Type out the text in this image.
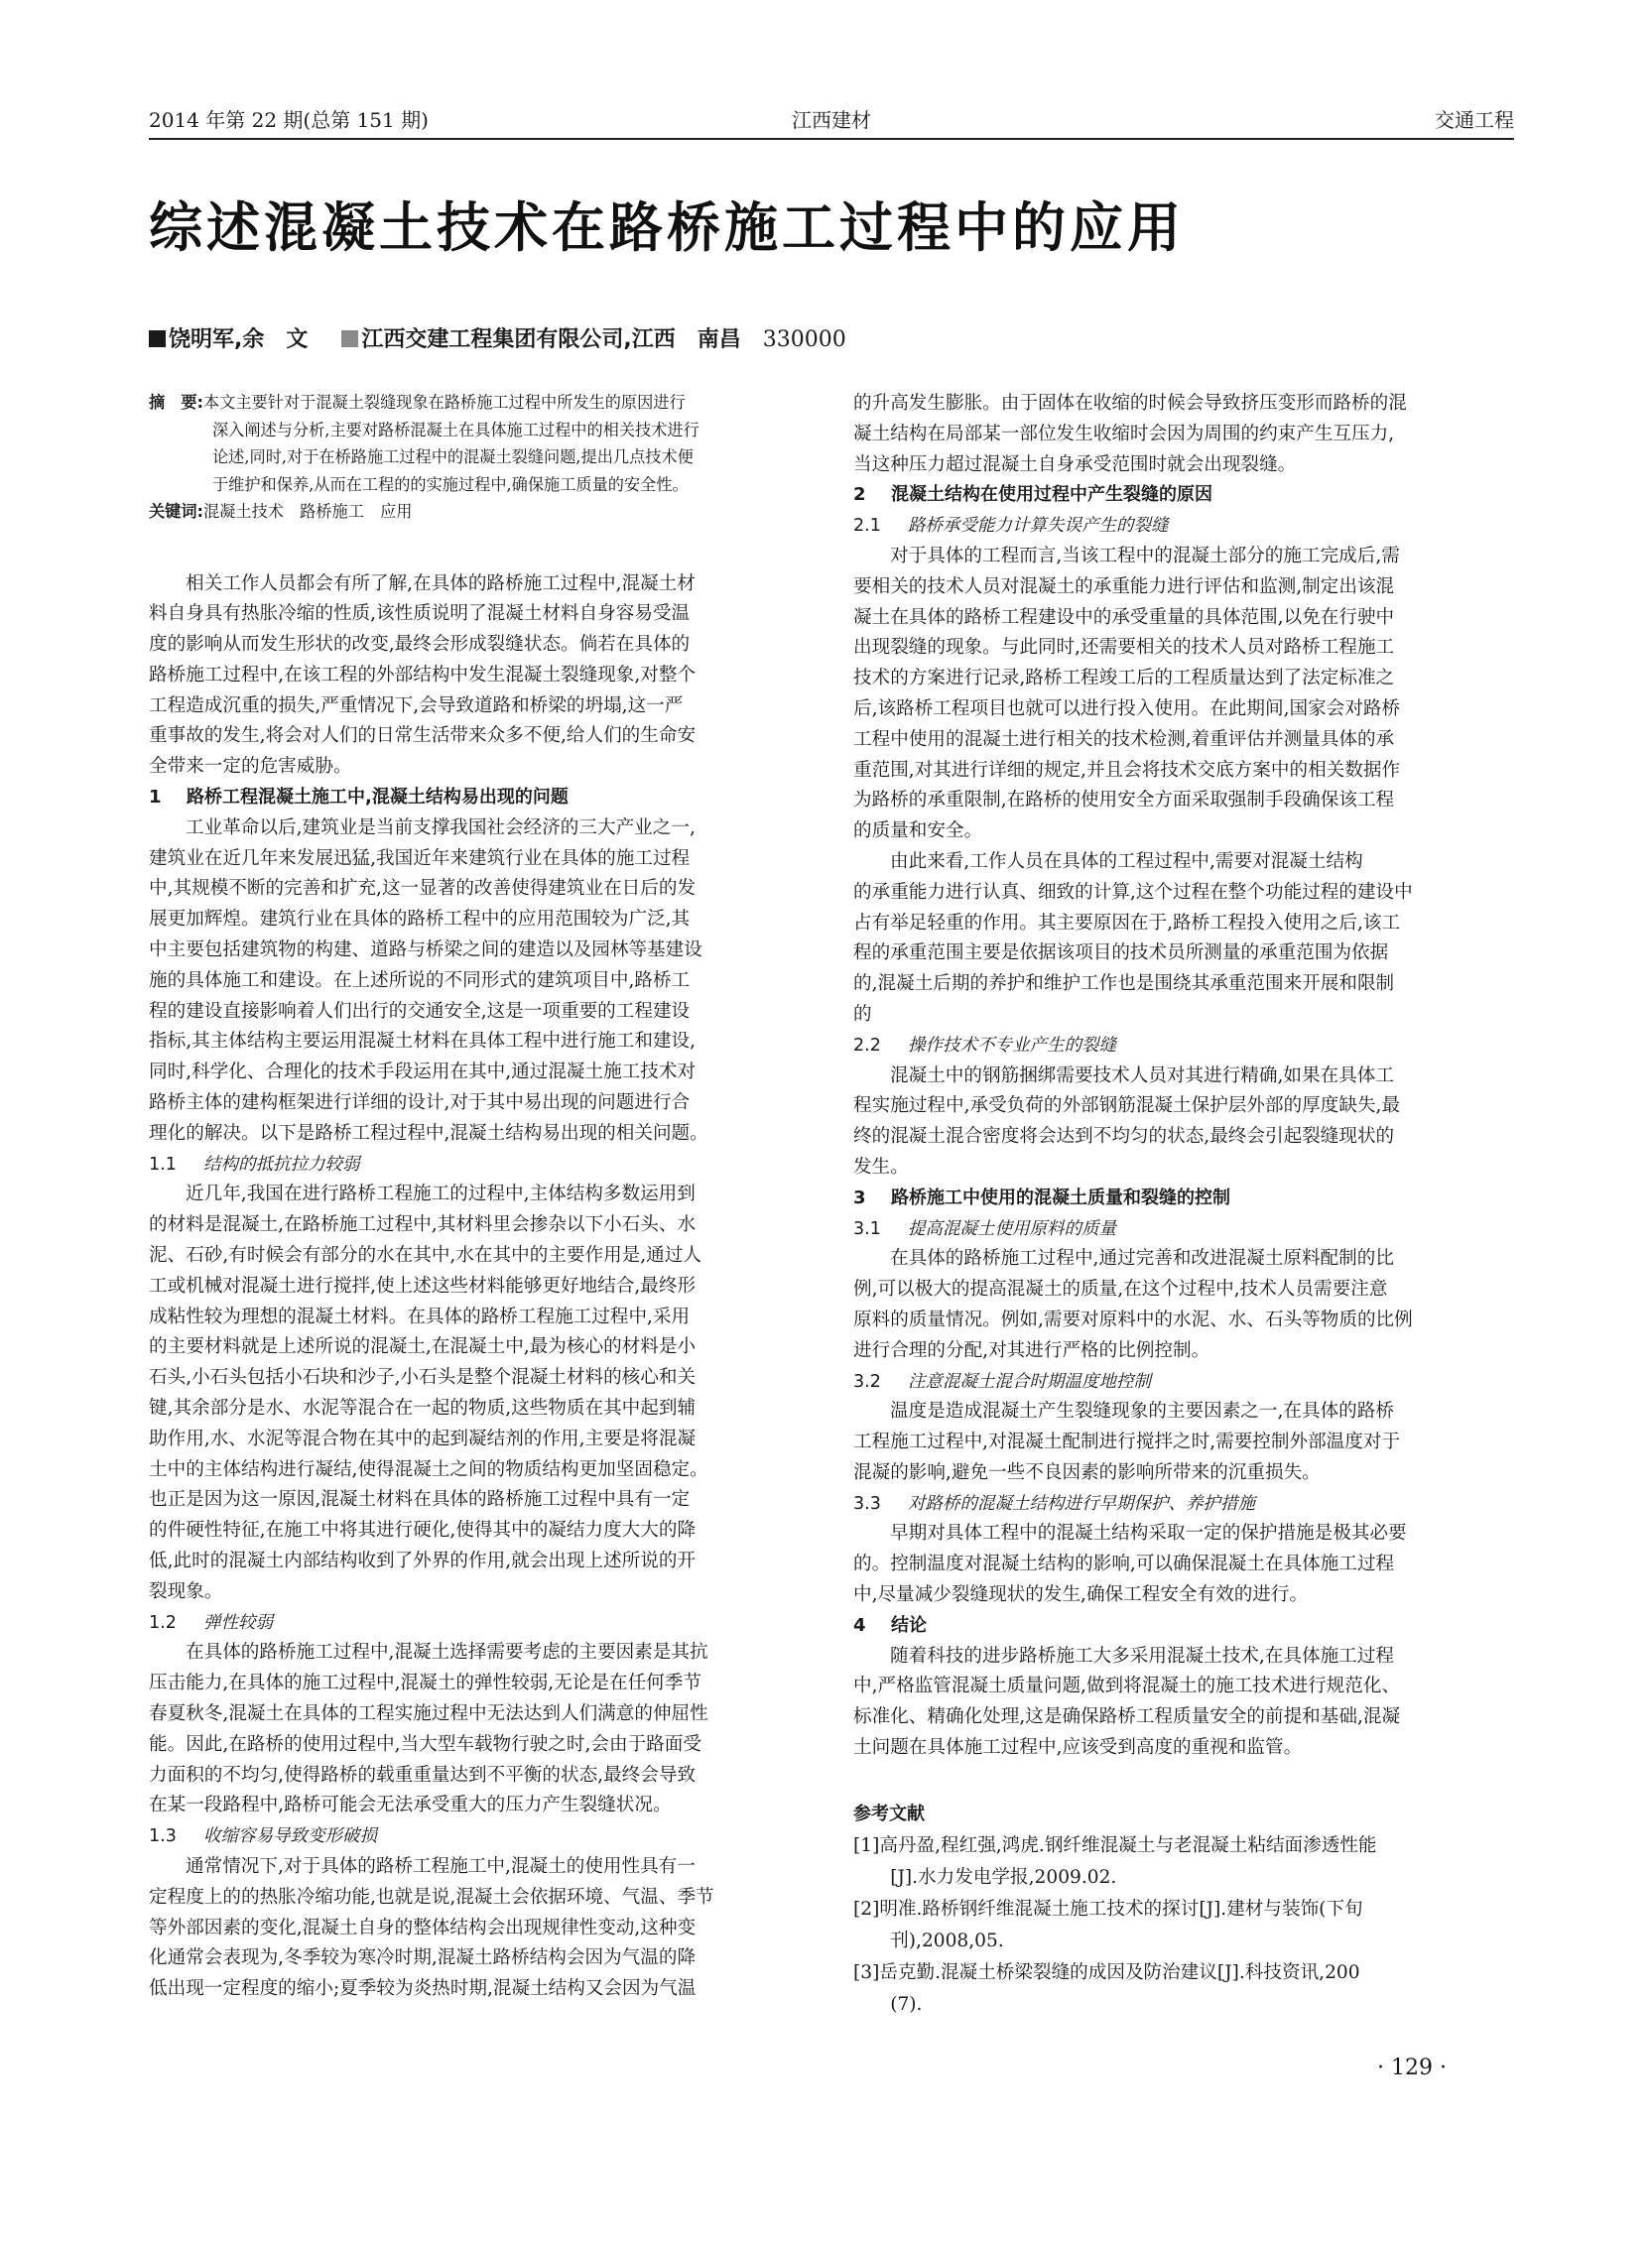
2014 年第 22 期(总第 151 期)	江西建材	交通工程
综述混凝土技术在路桥施工过程中的应用
饶明军,余　文 江西交建工程集团有限公司,江西　南昌 330000
摘　要:本文主要针对于混凝土裂缝现象在路桥施工过程中所发生的原因进行
深入阐述与分析,主要对路桥混凝土在具体施工过程中的相关技术进行
论述,同时,对于在桥路施工过程中的混凝土裂缝问题,提出几点技术便
于维护和保养,从而在工程的的实施过程中,确保施工质量的安全性。
关键词:混凝土技术　路桥施工　应用
相关工作人员都会有所了解,在具体的路桥施工过程中,混凝土材
料自身具有热胀冷缩的性质,该性质说明了混凝土材料自身容易受温
度的影响从而发生形状的改变,最终会形成裂缝状态。倘若在具体的
路桥施工过程中,在该工程的外部结构中发生混凝土裂缝现象,对整个
工程造成沉重的损失,严重情况下,会导致道路和桥梁的坍塌,这一严
重事故的发生,将会对人们的日常生活带来众多不便,给人们的生命安
全带来一定的危害威胁。
1 路桥工程混凝土施工中,混凝土结构易出现的问题
工业革命以后,建筑业是当前支撑我国社会经济的三大产业之一,
建筑业在近几年来发展迅猛,我国近年来建筑行业在具体的施工过程
中,其规模不断的完善和扩充,这一显著的改善使得建筑业在日后的发
展更加辉煌。建筑行业在具体的路桥工程中的应用范围较为广泛,其
中主要包括建筑物的构建、道路与桥梁之间的建造以及园林等基建设
施的具体施工和建设。在上述所说的不同形式的建筑项目中,路桥工
程的建设直接影响着人们出行的交通安全,这是一项重要的工程建设
指标,其主体结构主要运用混凝土材料在具体工程中进行施工和建设,
同时,科学化、合理化的技术手段运用在其中,通过混凝土施工技术对
路桥主体的建构框架进行详细的设计,对于其中易出现的问题进行合
理化的解决。以下是路桥工程过程中,混凝土结构易出现的相关问题。
1.1 结构的抵抗拉力较弱
近几年,我国在进行路桥工程施工的过程中,主体结构多数运用到
的材料是混凝土,在路桥施工过程中,其材料里会掺杂以下小石头、水
泥、石砂,有时候会有部分的水在其中,水在其中的主要作用是,通过人
工或机械对混凝土进行搅拌,使上述这些材料能够更好地结合,最终形
成粘性较为理想的混凝土材料。在具体的路桥工程施工过程中,采用
的主要材料就是上述所说的混凝土,在混凝土中,最为核心的材料是小
石头,小石头包括小石块和沙子,小石头是整个混凝土材料的核心和关
键,其余部分是水、水泥等混合在一起的物质,这些物质在其中起到辅
助作用,水、水泥等混合物在其中的起到凝结剂的作用,主要是将混凝
土中的主体结构进行凝结,使得混凝土之间的物质结构更加坚固稳定。
也正是因为这一原因,混凝土材料在具体的路桥施工过程中具有一定
的件硬性特征,在施工中将其进行硬化,使得其中的凝结力度大大的降
低,此时的混凝土内部结构收到了外界的作用,就会出现上述所说的开
裂现象。
1.2 弹性较弱
在具体的路桥施工过程中,混凝土选择需要考虑的主要因素是其抗
压击能力,在具体的施工过程中,混凝土的弹性较弱,无论是在任何季节
春夏秋冬,混凝土在具体的工程实施过程中无法达到人们满意的伸屈性
能。因此,在路桥的使用过程中,当大型车载物行驶之时,会由于路面受
力面积的不均匀,使得路桥的载重重量达到不平衡的状态,最终会导致
在某一段路程中,路桥可能会无法承受重大的压力产生裂缝状况。
1.3 收缩容易导致变形破损
通常情况下,对于具体的路桥工程施工中,混凝土的使用性具有一
定程度上的的热胀冷缩功能,也就是说,混凝土会依据环境、气温、季节
等外部因素的变化,混凝土自身的整体结构会出现规律性变动,这种变
化通常会表现为,冬季较为寒冷时期,混凝土路桥结构会因为气温的降
低出现一定程度的缩小;夏季较为炎热时期,混凝土结构又会因为气温
的升高发生膨胀。由于固体在收缩的时候会导致挤压变形而路桥的混
凝土结构在局部某一部位发生收缩时会因为周围的约束产生互压力,
当这种压力超过混凝土自身承受范围时就会出现裂缝。
2 混凝土结构在使用过程中产生裂缝的原因
2.1 路桥承受能力计算失误产生的裂缝
对于具体的工程而言,当该工程中的混凝土部分的施工完成后,需
要相关的技术人员对混凝土的承重能力进行评估和监测,制定出该混
凝土在具体的路桥工程建设中的承受重量的具体范围,以免在行驶中
出现裂缝的现象。与此同时,还需要相关的技术人员对路桥工程施工
技术的方案进行记录,路桥工程竣工后的工程质量达到了法定标准之
后,该路桥工程项目也就可以进行投入使用。在此期间,国家会对路桥
工程中使用的混凝土进行相关的技术检测,着重评估并测量具体的承
重范围,对其进行详细的规定,并且会将技术交底方案中的相关数据作
为路桥的承重限制,在路桥的使用安全方面采取强制手段确保该工程
的质量和安全。
由此来看,工作人员在具体的工程过程中,需要对混凝土结构
的承重能力进行认真、细致的计算,这个过程在整个功能过程的建设中
占有举足轻重的作用。其主要原因在于,路桥工程投入使用之后,该工
程的承重范围主要是依据该项目的技术员所测量的承重范围为依据
的,混凝土后期的养护和维护工作也是围绕其承重范围来开展和限制
的
2.2 操作技术不专业产生的裂缝
混凝土中的钢筋捆绑需要技术人员对其进行精确,如果在具体工
程实施过程中,承受负荷的外部钢筋混凝土保护层外部的厚度缺失,最
终的混凝土混合密度将会达到不均匀的状态,最终会引起裂缝现状的
发生。
3 路桥施工中使用的混凝土质量和裂缝的控制
3.1 提高混凝土使用原料的质量
在具体的路桥施工过程中,通过完善和改进混凝土原料配制的比
例,可以极大的提高混凝土的质量,在这个过程中,技术人员需要注意
原料的质量情况。例如,需要对原料中的水泥、水、石头等物质的比例
进行合理的分配,对其进行严格的比例控制。
3.2 注意混凝土混合时期温度地控制
温度是造成混凝土产生裂缝现象的主要因素之一,在具体的路桥
工程施工过程中,对混凝土配制进行搅拌之时,需要控制外部温度对于
混凝的影响,避免一些不良因素的影响所带来的沉重损失。
3.3 对路桥的混凝土结构进行早期保护、养护措施
早期对具体工程中的混凝土结构采取一定的保护措施是极其必要
的。控制温度对混凝土结构的影响,可以确保混凝土在具体施工过程
中,尽量减少裂缝现状的发生,确保工程安全有效的进行。
4 结论
随着科技的进步路桥施工大多采用混凝土技术,在具体施工过程
中,严格监管混凝土质量问题,做到将混凝土的施工技术进行规范化、
标准化、精确化处理,这是确保路桥工程质量安全的前提和基础,混凝
土问题在具体施工过程中,应该受到高度的重视和监管。
参考文献
[1]高丹盈,程红强,鸿虎.钢纤维混凝土与老混凝土粘结面渗透性能
　　[J].水力发电学报,2009.02.
[2]明准.路桥钢纤维混凝土施工技术的探讨[J].建材与装饰(下旬
　　刊),2008,05.
[3]岳克勤.混凝土桥梁裂缝的成因及防治建议[J].科技资讯,200
　　(7).
· 129 ·
